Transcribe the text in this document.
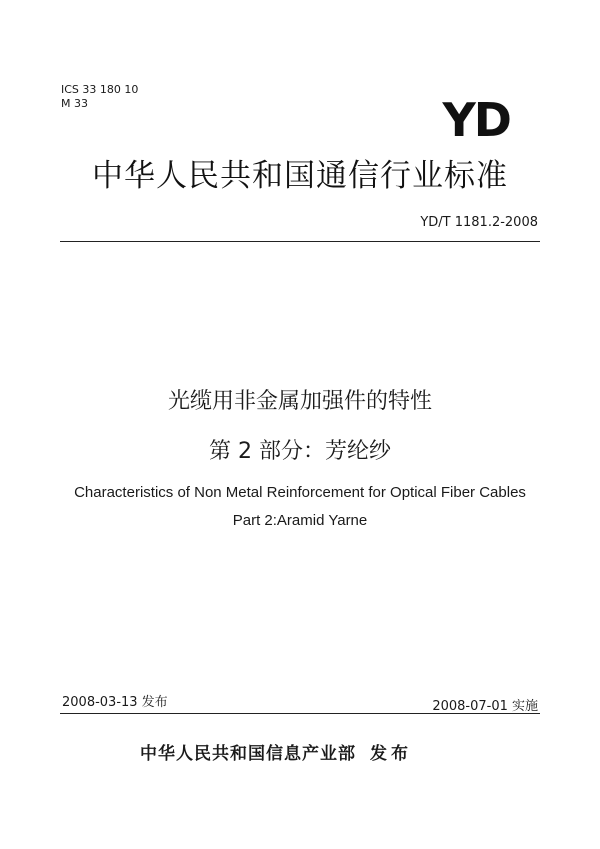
ICS 33 180 10
M 33	YD
中华人民共和国通信行业标准
YD/T 1181.2-2008
光缆用非金属加强件的特性
第 2 部分：芳纶纱
Characteristics of Non Metal Reinforcement for Optical Fiber Cables
Part 2:Aramid Yarne
2008-03-13 发布	2008-07-01 实施
中华人民共和国信息产业部 发布
